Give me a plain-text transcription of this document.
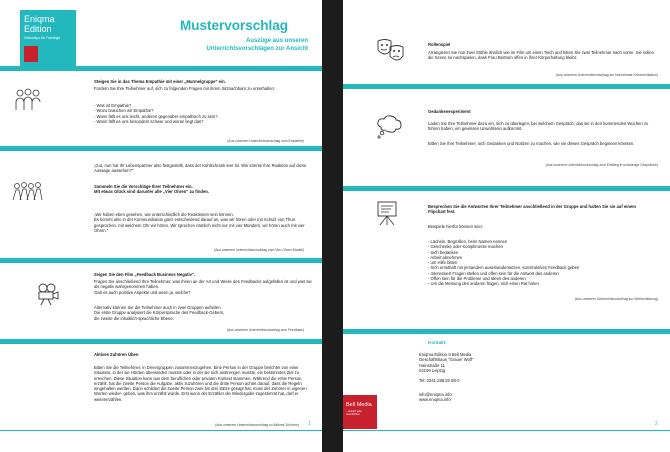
Eniqma
Edition
Videoclips für Trainings
Mustervorschlag
Auszüge aus unseren
Unterrichtsvorschlägen zur Ansicht
Steigen Sie in das Thema Empathie mit einer „Murmelgruppe" ein.
Fordern Sie Ihre Teilnehmer auf, sich zu folgenden Fragen mit ihrem Sitznachbarn zu unterhalten:
- Was ist Empathie?
- Wozu brauchen wir Empathie?
- Wann fällt es uns leicht, anderen gegenüber empathisch zu sein?
- Wann fällt es uns besonders schwer und woran liegt das?
(Aus unserem Unterrichtsvorschlag zum Empathie)
„Gut, nun hat Ihr Lebenspartner also festgestellt, dass der Kühlschrank leer ist. Wie könnte Ihre Reaktion auf diese Aussage aussehen?"
Sammeln Sie die Vorschläge Ihrer Teilnehmer ein.
Mit etwas Glück sind darunter alle „Vier Ohren" zu finden.
„Wir haben eben gesehen, wie unterschiedlich die Reaktionen sein können.
Es kommt also in der Kommunikation ganz entscheidend darauf an, was wir hören oder mit Schulz von Thun gesprochen, mit welchem Ohr wir hören. Wir sprechen nämlich nicht nur mit vier Mündern, wir hören auch mit vier Ohren."
(Aus unserem Unterrichtsvorschlag zum Vier-Ohren-Modell)
Zeigen Sie den Film „Feedback Business Negativ".
Fragen Sie anschließend Ihre Teilnehmer, was Ihnen an der Art und Weise des Feedbacks aufgefallen ist und was sie als negativ wahrgenommen haben.
Gab es auch positive Aspekte und wenn ja, welche?
Alternativ können Sie die Teilnehmer auch in zwei Gruppen aufteilen.
Die erste Gruppe analysiert die Körpersprache des Feedback-Gebers,
die zweite die inhaltlich-sprachliche Ebene.
(Aus unserem Unterrichtsvorschlag zum Feedback)
Aktives Zuhören Üben
Bitten Sie die Teilnehmer, in Dreiergruppen zusammenzugehen. Eine Person in der Gruppe berichtet von einer Situation, in der sie Hürden überwinden musste oder in der sie sich anstrengen musste, ein bestimmtes Ziel zu erreichen. Diese Situation kann aus dem beruflichen oder privaten Kontext stammen. Während die erste Person erzählt, hat die zweite Person die Aufgabe, aktiv zuzuhören und die dritte Person achtet darauf, dass die Regeln eingehalten werden. Dann schildert die zweite Person zwei bis drei Sätze gesagt hat, muss der Zuhörer in eigenen Worten wieder- geben, was ihm erzählt wurde. Erst wenn der Erzähler die Wiedergabe zugestimmt hat, darf er weitererzählen.
(Aus unserem Unterrichtsvorschlag zu Aktives Zuhören) 1
Rollenspiel
Arrangieren Sie nun zwei Stühle ähnlich wie im Film um einen Tisch und bitten Sie zwei Teilnehmer nach vorne. Sie sollen die Szene so nachspielen, dass Frau Bertram offen in ihrer Körperhaltung bleibt.
(Aus unserem Unterrichtsvorschlag zur Nonverbale Kommunikation)
Gedankenexperiment
Laden Sie Ihre Teilnehmer dazu ein, sich zu überlegen, bei welchem Gespräch, das sie in den kommenden Wochen zu führen haben, ein gewisses Unwohlsein aufkommt.
Bitten Sie Ihre Teilnehmer, sich Gedanken und Notizen zu machen, wie sie dieses Gespräch beginnen könnten.
(Aus unserem Unterrichtsvorschlag zum Einstieg in schwierige Gespräche)
Besprechen Sie die Antworten Ihrer Teilnehmer anschließend in der Gruppe und halten Sie sie auf einem Flipchart fest.
Beispiele hierfür können sein:
- Lächeln, Begrüßen, beim Namen nennen
- Geschenke oder Komplimente machen
- Sich bedanken
- Arbeit abnehmen
- um Hilfe bitten
- Sich ernsthaft mit jemandem auseinandersetzen, konstruktives Feedback geben
- Interessiert Fragen stellen und offen sein für die Antwort des anderen
- Offen sein für die Probleme und Ideen des anderen
- Um die Meinung des anderen fragen, sich einen Rat holen
(Aus unserem Unterrichtsvorschlag zur Wertschätzung)
Kontakt:
Eniqma Edition II Bell Media
Geschäftshaus "Grauer Wolf"
Hainstraße 11
04109 Leipzig
Tel: 0341.288 20 88-0
info@eniqma.info
www.eniqma.info
Bell Media
...einfach gute Geschichten
2
